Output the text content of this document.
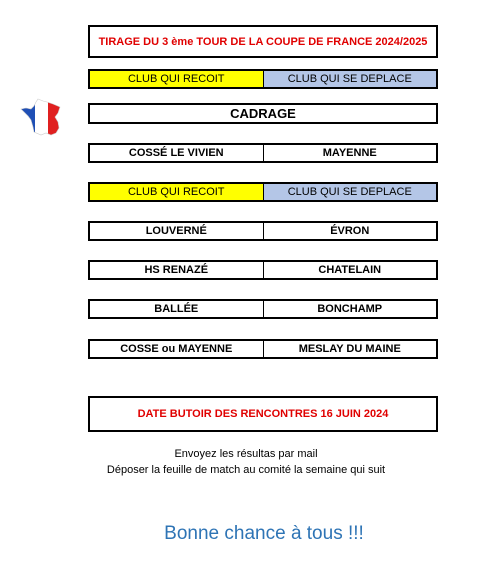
TIRAGE DU 3 ème TOUR DE LA COUPE DE FRANCE 2024/2025
CLUB QUI RECOIT	CLUB QUI SE DEPLACE
CADRAGE
COSSÉ LE VIVIEN	MAYENNE
CLUB QUI RECOIT	CLUB QUI SE DEPLACE
LOUVERNÉ	ÉVRON
HS RENAZÉ	CHATELAIN
BALLÉE	BONCHAMP
COSSE ou MAYENNE	MESLAY DU MAINE
DATE BUTOIR DES RENCONTRES 16 JUIN 2024
Envoyez les résultas par mail
Déposer la feuille de match au comité la semaine qui suit
Bonne chance à tous !!!
